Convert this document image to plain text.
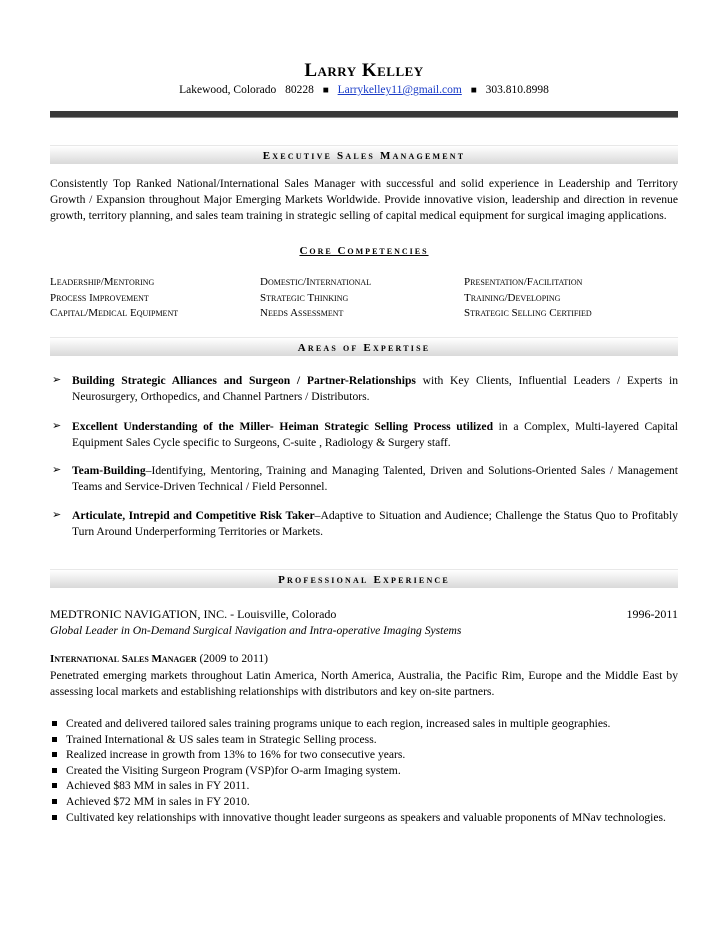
Larry Kelley
Lakewood, Colorado 80228 ■ Larrykelley11@gmail.com ■ 303.810.8998
Executive Sales Management
Consistently Top Ranked National/International Sales Manager with successful and solid experience in Leadership and Territory Growth / Expansion throughout Major Emerging Markets Worldwide. Provide innovative vision, leadership and direction in revenue growth, territory planning, and sales team training in strategic selling of capital medical equipment for surgical imaging applications.
Core Competencies
Leadership/Mentoring
Process Improvement
Capital/Medical Equipment
Domestic/International
Strategic Thinking
Needs Assessment
Presentation/Facilitation
Training/Developing
Strategic Selling Certified
Areas of Expertise
➢ Building Strategic Alliances and Surgeon / Partner-Relationships with Key Clients, Influential Leaders / Experts in Neurosurgery, Orthopedics, and Channel Partners / Distributors.
➢ Excellent Understanding of the Miller- Heiman Strategic Selling Process utilized in a Complex, Multi-layered Capital Equipment Sales Cycle specific to Surgeons, C-suite , Radiology & Surgery staff.
➢ Team-Building–Identifying, Mentoring, Training and Managing Talented, Driven and Solutions-Oriented Sales / Management Teams and Service-Driven Technical / Field Personnel.
➢ Articulate, Intrepid and Competitive Risk Taker–Adaptive to Situation and Audience; Challenge the Status Quo to Profitably Turn Around Underperforming Territories or Markets.
Professional Experience
MEDTRONIC NAVIGATION, INC. - Louisville, Colorado	1996-2011
Global Leader in On-Demand Surgical Navigation and Intra-operative Imaging Systems
International Sales Manager (2009 to 2011)
Penetrated emerging markets throughout Latin America, North America, Australia, the Pacific Rim, Europe and the Middle East by assessing local markets and establishing relationships with distributors and key on-site partners.
Created and delivered tailored sales training programs unique to each region, increased sales in multiple geographies.
Trained International & US sales team in Strategic Selling process.
Realized increase in growth from 13% to 16% for two consecutive years.
Created the Visiting Surgeon Program (VSP)for O-arm Imaging system.
Achieved $83 MM in sales in FY 2011.
Achieved $72 MM in sales in FY 2010.
Cultivated key relationships with innovative thought leader surgeons as speakers and valuable proponents of MNav technologies.
